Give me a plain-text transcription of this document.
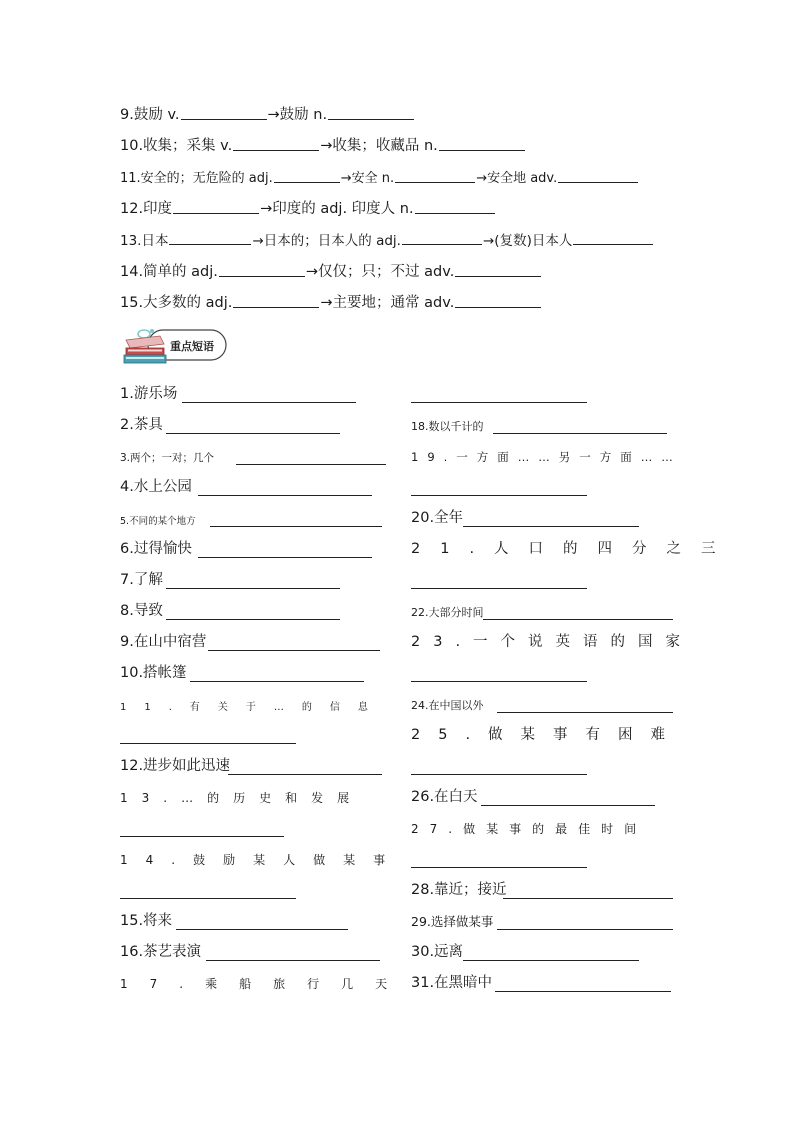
9.鼓励 v.	→鼓励 n.
10.收集；采集 v.	→收集；收藏品 n.
11.安全的；无危险的 adj.	→安全 n.	→安全地 adv.
12.印度	→印度的 adj. 印度人 n.
13.日本	→日本的；日本人的 adj.	→(复数)日本人
14.简单的 adj.	→仅仅；只；不过 adv.
15.大多数的 adj.	→主要地；通常 adv.
重点短语
1.游乐场
2.茶具
3.两个；一对；几个
4.水上公园
5.不同的某个地方
6.过得愉快
7.了解
8.导致
9.在山中宿营
10.搭帐篷
11.有关于…的信息
12.进步如此迅速
13.…的历史和发展
14.鼓励某人做某事
15.将来
16.茶艺表演
17.乘船旅行几天
18.数以千计的
19.一方面……另一方面……
20.全年
21.人口的四分之三
22.大部分时间
23.一个说英语的国家
24.在中国以外
25.做某事有困难
26.在白天
27.做某事的最佳时间
28.靠近；接近
29.选择做某事
30.远离
31.在黑暗中
